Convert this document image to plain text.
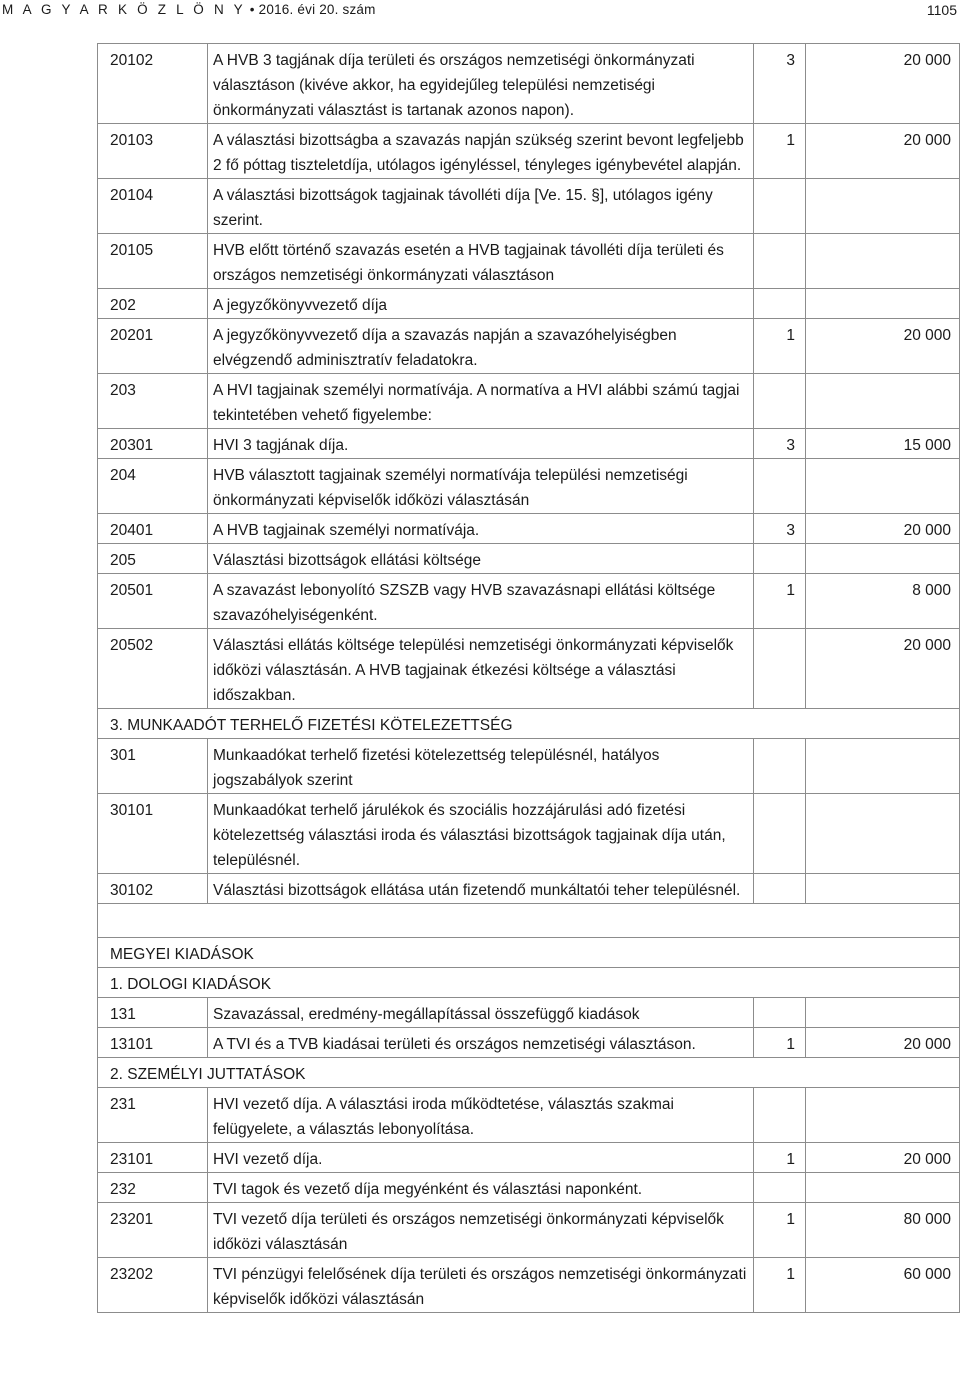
M A G Y A R K Ö Z L Ö N Y • 2016. évi 20. szám	1105
20102	A HVB 3 tagjának díja területi és országos nemzetiségi önkormányzati választáson (kivéve akkor, ha egyidejűleg települési nemzetiségi önkormányzati választást is tartanak azonos napon).	3	20 000
20103	A választási bizottságba a szavazás napján szükség szerint bevont legfeljebb 2 fő póttag tiszteletdíja, utólagos igényléssel, tényleges igénybevétel alapján.	1	20 000
20104	A választási bizottságok tagjainak távolléti díja [Ve. 15. §], utólagos igény szerint.		
20105	HVB előtt történő szavazás esetén a HVB tagjainak távolléti díja területi és országos nemzetiségi önkormányzati választáson		
202	A jegyzőkönyvvezető díja		
20201	A jegyzőkönyvvezető díja a szavazás napján a szavazóhelyiségben elvégzendő adminisztratív feladatokra.	1	20 000
203	A HVI tagjainak személyi normatívája. A normatíva a HVI alábbi számú tagjai tekintetében vehető figyelembe:		
20301	HVI 3 tagjának díja.	3	15 000
204	HVB választott tagjainak személyi normatívája települési nemzetiségi önkormányzati képviselők időközi választásán		
20401	A HVB tagjainak személyi normatívája.	3	20 000
205	Választási bizottságok ellátási költsége		
20501	A szavazást lebonyolító SZSZB vagy HVB szavazásnapi ellátási költsége szavazóhelyiségenként.	1	8 000
20502	Választási ellátás költsége települési nemzetiségi önkormányzati képviselők időközi választásán. A HVB tagjainak étkezési költsége a választási időszakban.		20 000
3. MUNKAADÓT TERHELŐ FIZETÉSI KÖTELEZETTSÉG			
301	Munkaadókat terhelő fizetési kötelezettség településnél, hatályos jogszabályok szerint		
30101	Munkaadókat terhelő járulékok és szociális hozzájárulási adó fizetési kötelezettség választási iroda és választási bizottságok tagjainak díja után, településnél.		
30102	Választási bizottságok ellátása után fizetendő munkáltatói teher településnél.		

MEGYEI KIADÁSOK			
1. DOLOGI KIADÁSOK			
131	Szavazással, eredmény-megállapítással összefüggő kiadások		
13101	A TVI és a TVB kiadásai területi és országos nemzetiségi választáson.	1	20 000
2. SZEMÉLYI JUTTATÁSOK			
231	HVI vezető díja. A választási iroda működtetése, választás szakmai felügyelete, a választás lebonyolítása.		
23101	HVI vezető díja.	1	20 000
232	TVI tagok és vezető díja megyénként és választási naponként.		
23201	TVI vezető díja területi és országos nemzetiségi önkormányzati képviselők időközi választásán	1	80 000
23202	TVI pénzügyi felelősének díja területi és országos nemzetiségi önkormányzati képviselők időközi választásán	1	60 000
